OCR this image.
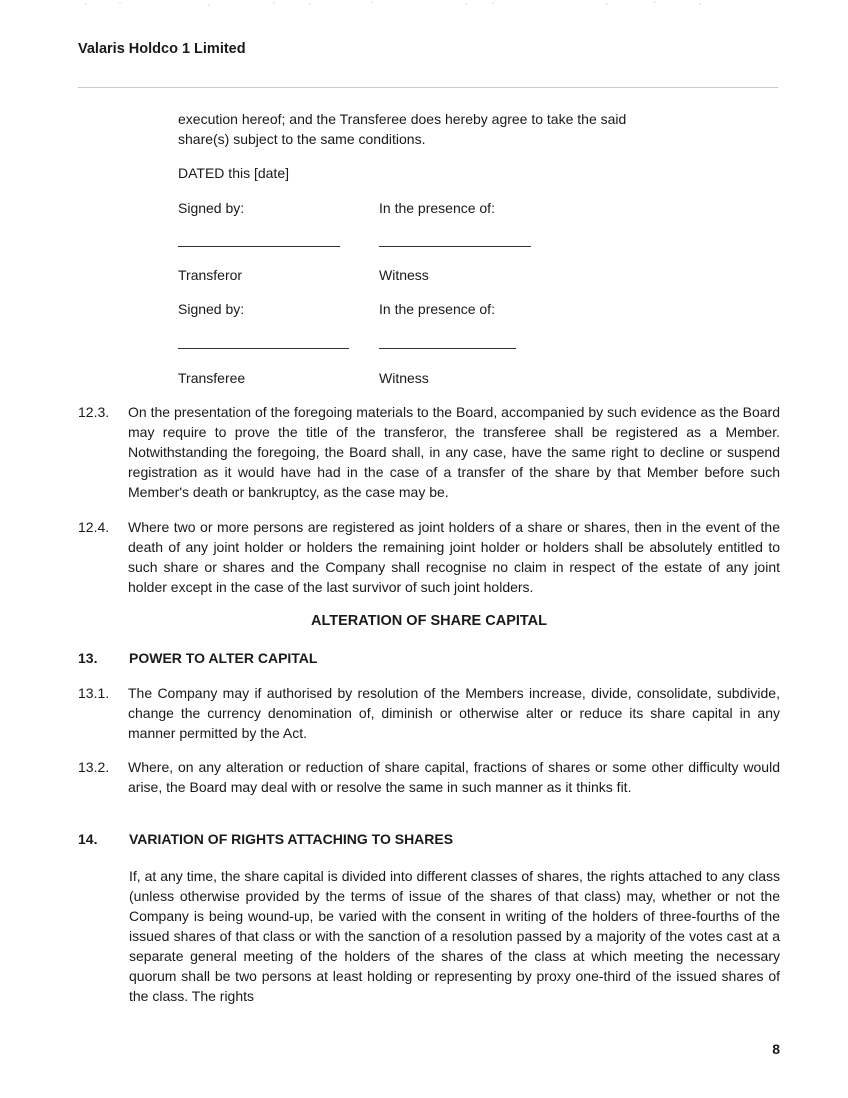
Valaris Holdco 1 Limited

execution hereof; and the Transferee does hereby agree to take the said

share(s) subject to the same conditions.

DATED this [date]
Signed by:	In the presence of:
Transferor	Witness
Signed by:	In the presence of:
Transferee	Witness
12.3. On the presentation of the foregoing materials to the Board, accompanied by such evidence as the Board may require to prove the title of the transferor, the transferee shall be registered as a Member. Notwithstanding the foregoing, the Board shall, in any case, have the same right to decline or suspend registration as it would have had in the case of a transfer of the share by that Member before such Member's death or bankruptcy, as the case may be.
12.4. Where two or more persons are registered as joint holders of a share or shares, then in the event of the death of any joint holder or holders the remaining joint holder or holders shall be absolutely entitled to such share or shares and the Company shall recognise no claim in respect of the estate of any joint holder except in the case of the last survivor of such joint holders.
ALTERATION OF SHARE CAPITAL
13. POWER TO ALTER CAPITAL
13.1. The Company may if authorised by resolution of the Members increase, divide, consolidate, subdivide, change the currency denomination of, diminish or otherwise alter or reduce its share capital in any manner permitted by the Act.
13.2. Where, on any alteration or reduction of share capital, fractions of shares or some other difficulty would arise, the Board may deal with or resolve the same in such manner as it thinks fit.
14. VARIATION OF RIGHTS ATTACHING TO SHARES
If, at any time, the share capital is divided into different classes of shares, the rights attached to any class (unless otherwise provided by the terms of issue of the shares of that class) may, whether or not the Company is being wound-up, be varied with the consent in writing of the holders of three-fourths of the issued shares of that class or with the sanction of a resolution passed by a majority of the votes cast at a separate general meeting of the holders of the shares of the class at which meeting the necessary quorum shall be two persons at least holding or representing by proxy one-third of the issued shares of the class. The rights
8
